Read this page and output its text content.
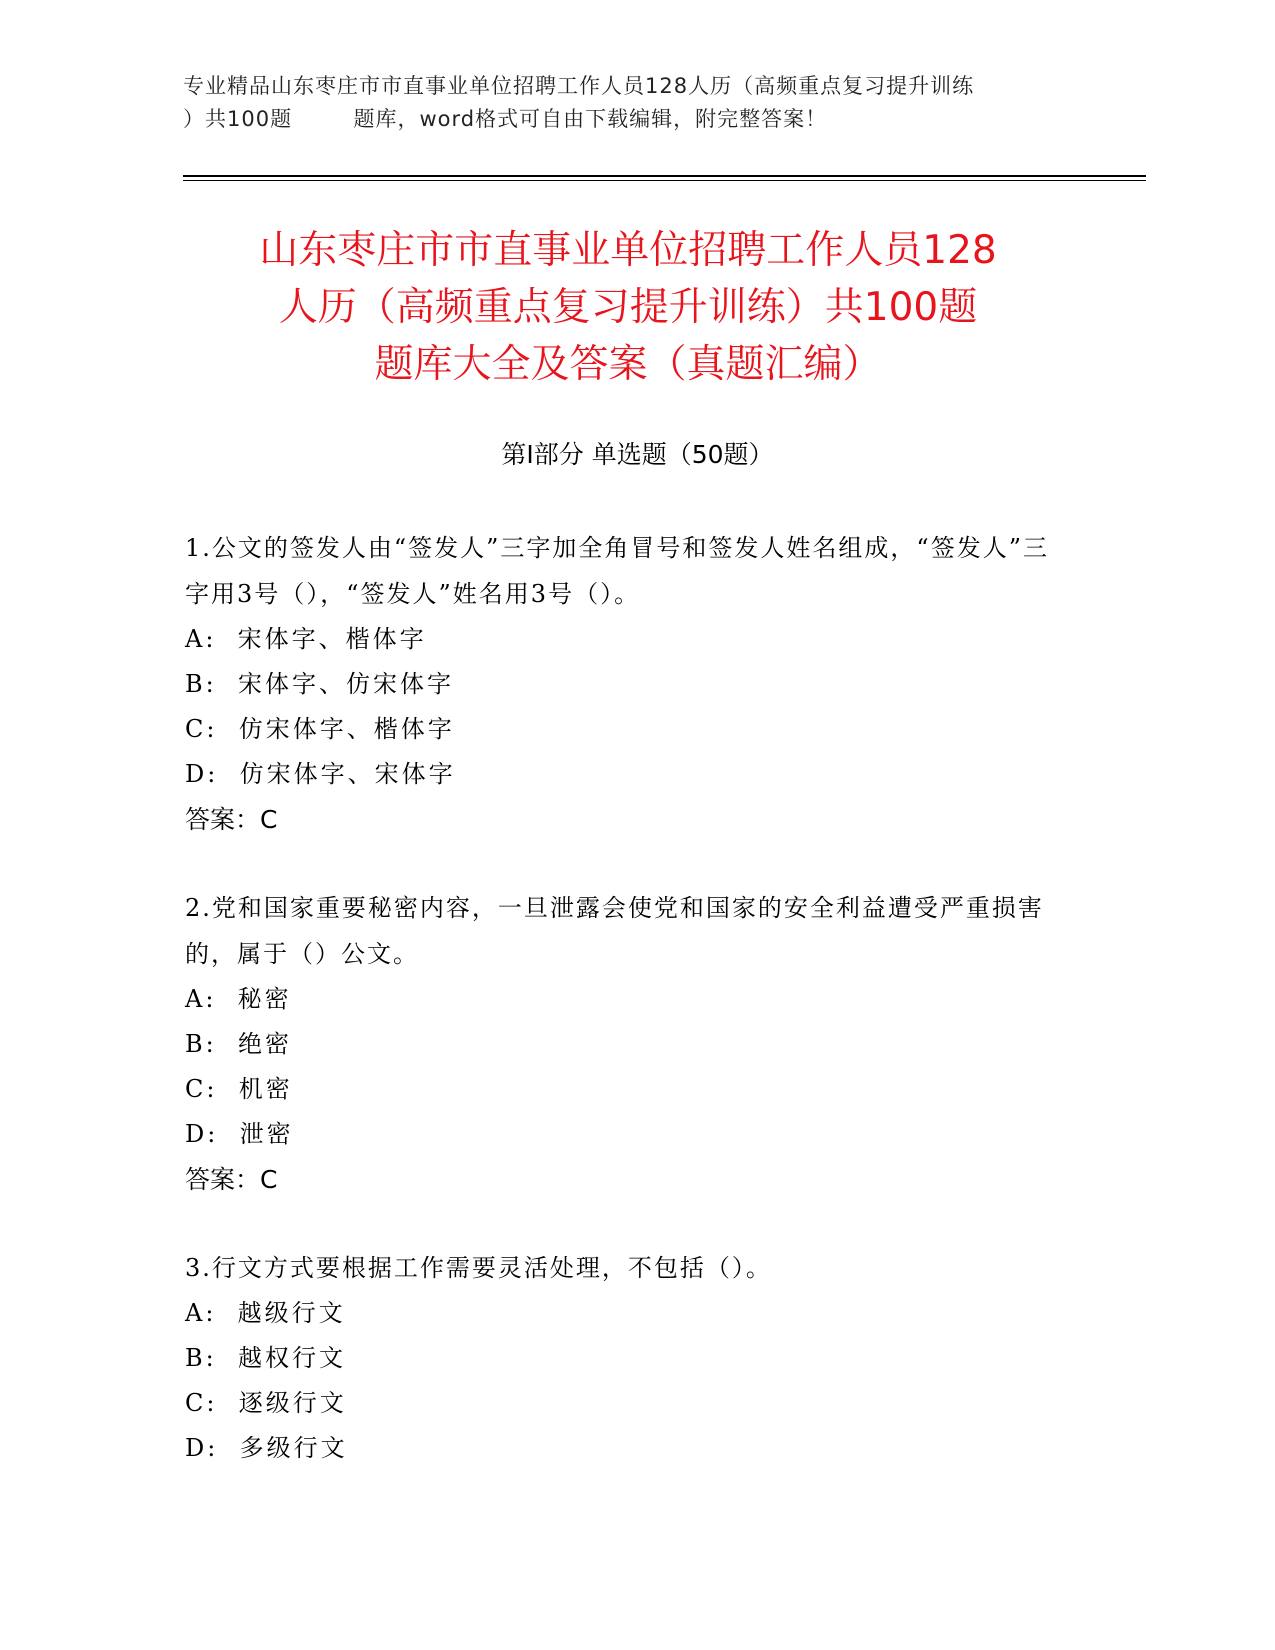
专业精品山东枣庄市市直事业单位招聘工作人员128人历（高频重点复习提升训练
）共100题        题库，word格式可自由下载编辑，附完整答案！
山东枣庄市市直事业单位招聘工作人员128
人历（高频重点复习提升训练）共100题
题库大全及答案（真题汇编）
第Ⅰ部分 单选题（50题）

1.公文的签发人由“签发人”三字加全角冒号和签发人姓名组成，“签发人”三字用3号（），“签发人”姓名用3号（）。

A:  宋体字、楷体字
B:  宋体字、仿宋体字
C:  仿宋体字、楷体字
D:  仿宋体字、宋体字
答案：C

2.党和国家重要秘密内容，一旦泄露会使党和国家的安全利益遭受严重损害的，属于（）公文。

A:  秘密
B:  绝密
C:  机密
D:  泄密
答案：C

3.行文方式要根据工作需要灵活处理，不包括（）。

A:  越级行文
B:  越权行文
C:  逐级行文
D:  多级行文
